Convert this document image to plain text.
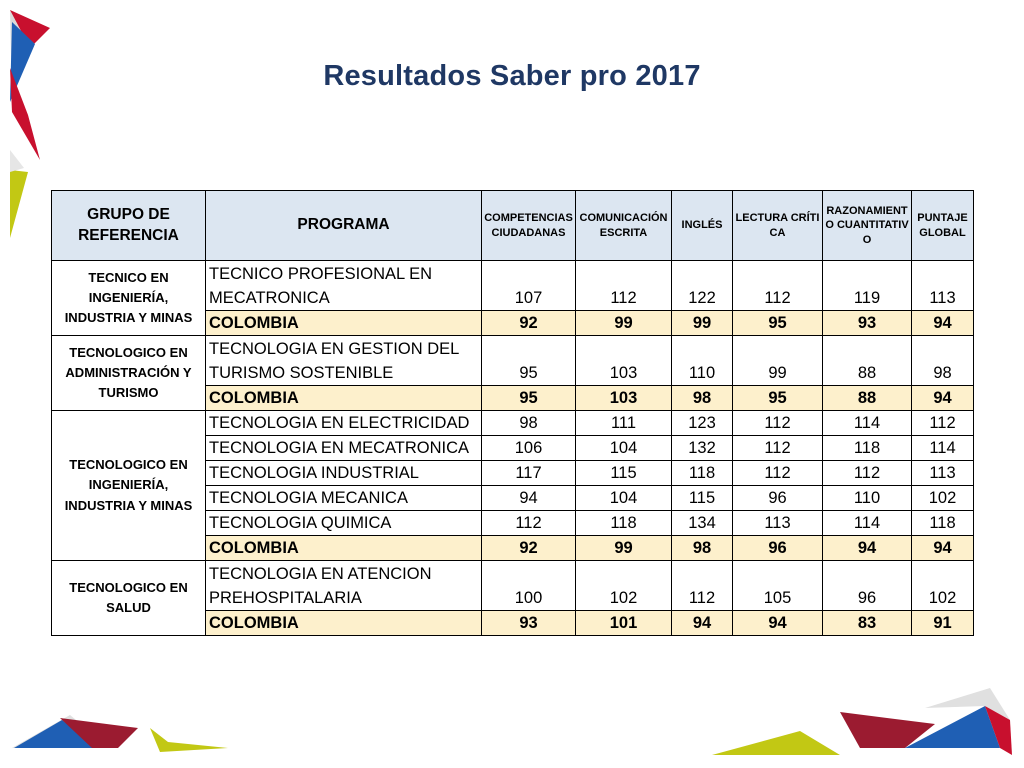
Resultados Saber pro 2017
GRUPO DE REFERENCIA	PROGRAMA	COMPETENCIAS CIUDADANAS	COMUNICACIÓN ESCRITA	INGLÉS	LECTURA CRÍTICA	RAZONAMIENTO CUANTITATIVO	PUNTAJE GLOBAL
TECNICO EN INGENIERÍA, INDUSTRIA Y MINAS	TECNICO PROFESIONAL EN MECATRONICA	107	112	122	112	119	113
	COLOMBIA	92	99	99	95	93	94
TECNOLOGICO EN ADMINISTRACIÓN Y TURISMO	TECNOLOGIA EN GESTION DEL TURISMO SOSTENIBLE	95	103	110	99	88	98
	COLOMBIA	95	103	98	95	88	94
TECNOLOGICO EN INGENIERÍA, INDUSTRIA Y MINAS	TECNOLOGIA EN ELECTRICIDAD	98	111	123	112	114	112
	TECNOLOGIA EN MECATRONICA	106	104	132	112	118	114
	TECNOLOGIA INDUSTRIAL	117	115	118	112	112	113
	TECNOLOGIA MECANICA	94	104	115	96	110	102
	TECNOLOGIA QUIMICA	112	118	134	113	114	118
	COLOMBIA	92	99	98	96	94	94
TECNOLOGICO EN SALUD	TECNOLOGIA EN ATENCION PREHOSPITALARIA	100	102	112	105	96	102
	COLOMBIA	93	101	94	94	83	91
